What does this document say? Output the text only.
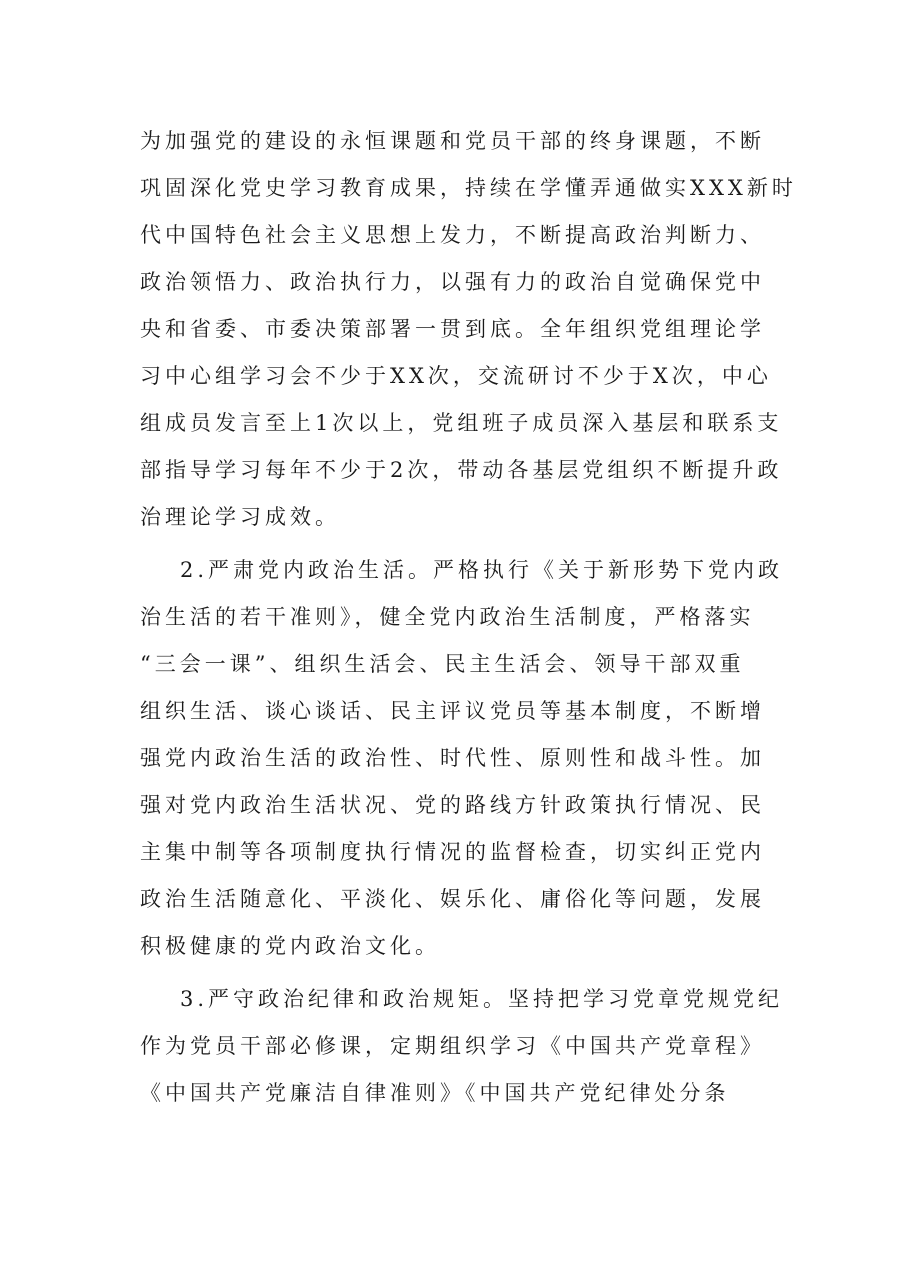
为加强党的建设的永恒课题和党员干部的终身课题，不断
巩固深化党史学习教育成果，持续在学懂弄通做实XXX新时
代中国特色社会主义思想上发力，不断提高政治判断力、
政治领悟力、政治执行力，以强有力的政治自觉确保党中
央和省委、市委决策部署一贯到底。全年组织党组理论学
习中心组学习会不少于XX次，交流研讨不少于X次，中心
组成员发言至上1次以上，党组班子成员深入基层和联系支
部指导学习每年不少于2次，带动各基层党组织不断提升政
治理论学习成效。
2.严肃党内政治生活。严格执行《关于新形势下党内政
治生活的若干准则》，健全党内政治生活制度，严格落实
“三会一课”、组织生活会、民主生活会、领导干部双重
组织生活、谈心谈话、民主评议党员等基本制度，不断增
强党内政治生活的政治性、时代性、原则性和战斗性。加
强对党内政治生活状况、党的路线方针政策执行情况、民
主集中制等各项制度执行情况的监督检查，切实纠正党内
政治生活随意化、平淡化、娱乐化、庸俗化等问题，发展
积极健康的党内政治文化。
3.严守政治纪律和政治规矩。坚持把学习党章党规党纪
作为党员干部必修课，定期组织学习《中国共产党章程》
《中国共产党廉洁自律准则》《中国共产党纪律处分条
